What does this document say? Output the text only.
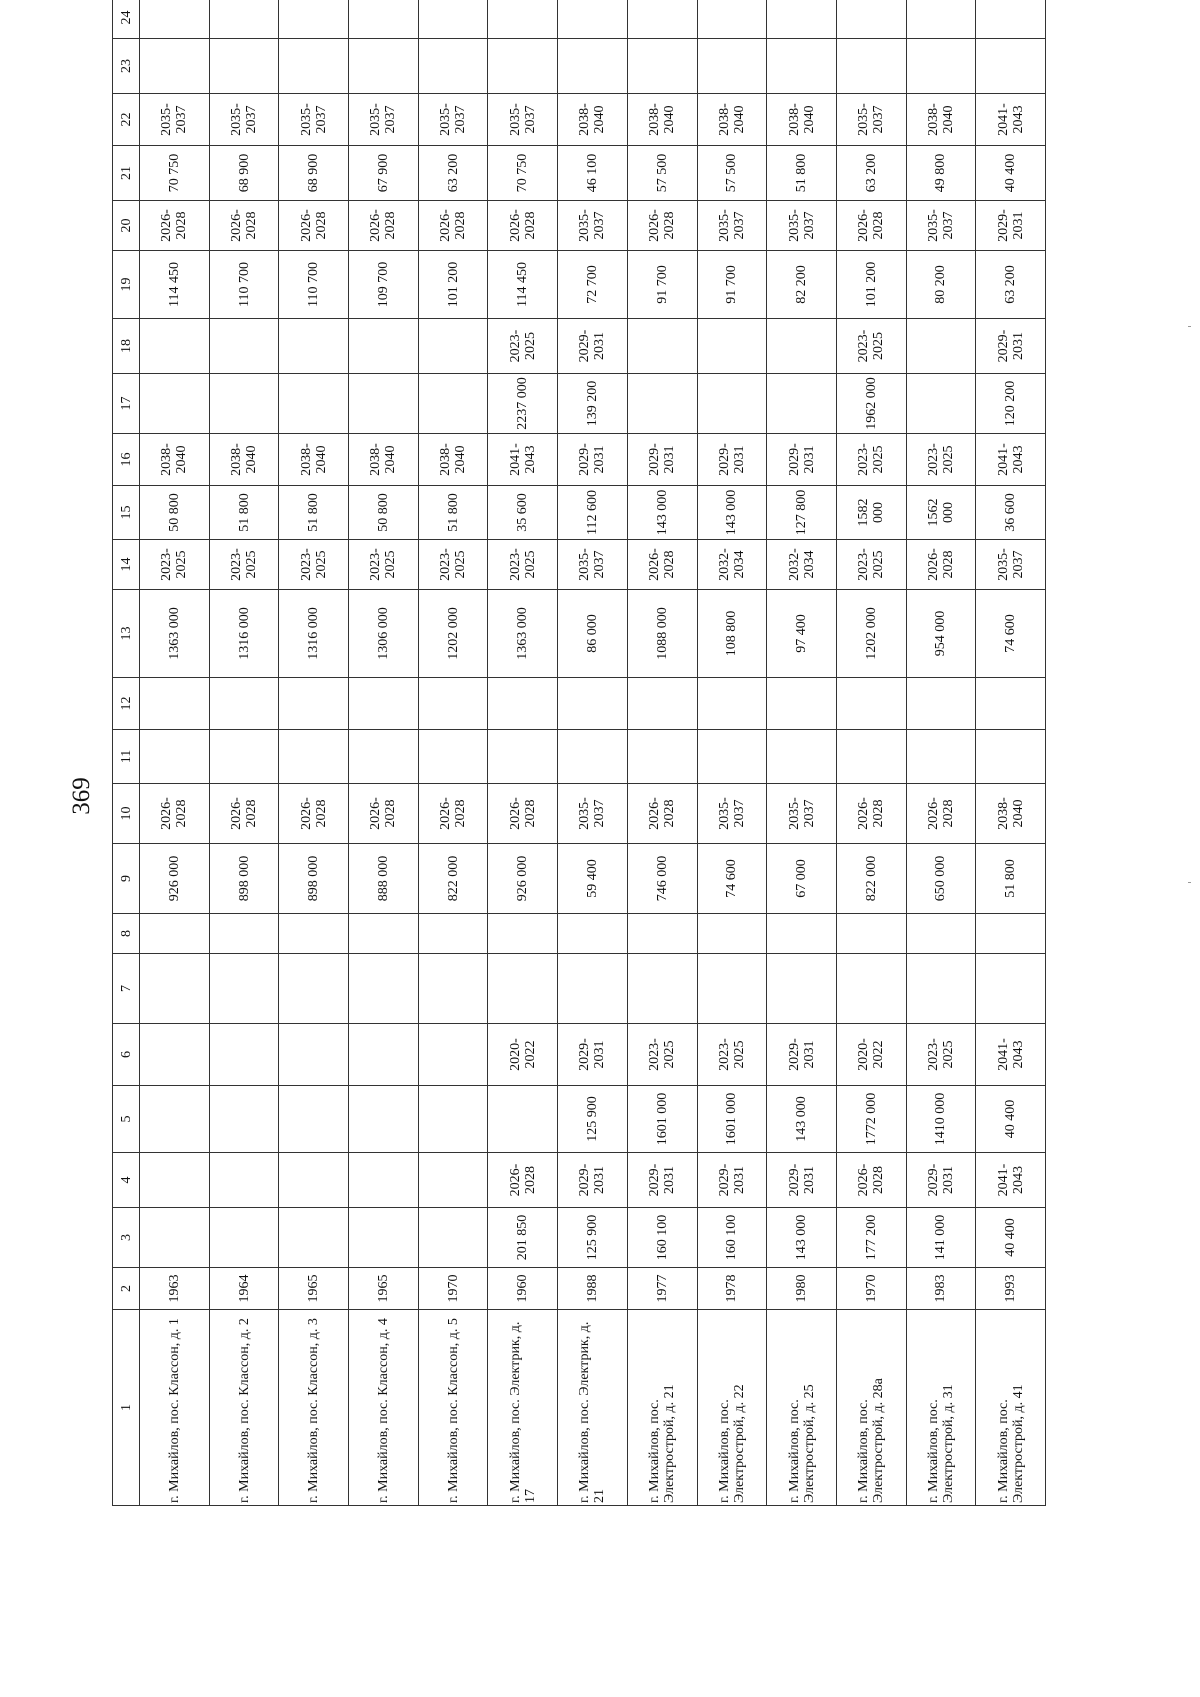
369
1	2	3	4	5	6	7	8	9	10	11	12	13	14	15	16	17	18	19	20	21	22	23	24
г. Михайлов, пос. Классон, д. 1	1963							926 000	2026-2028			1363 000	2023-2025	50 800	2038-2040			114 450	2026-2028	70 750	2035-2037		
г. Михайлов, пос. Классон, д. 2	1964							898 000	2026-2028			1316 000	2023-2025	51 800	2038-2040			110 700	2026-2028	68 900	2035-2037		
г. Михайлов, пос. Классон, д. 3	1965							898 000	2026-2028			1316 000	2023-2025	51 800	2038-2040			110 700	2026-2028	68 900	2035-2037		
г. Михайлов, пос. Классон, д. 4	1965							888 000	2026-2028			1306 000	2023-2025	50 800	2038-2040			109 700	2026-2028	67 900	2035-2037		
г. Михайлов, пос. Классон, д. 5	1970							822 000	2026-2028			1202 000	2023-2025	51 800	2038-2040			101 200	2026-2028	63 200	2035-2037		
г. Михайлов, пос. Электрик, д. 17	1960	201 850	2026-2028		2020-2022			926 000	2026-2028			1363 000	2023-2025	35 600	2041-2043	2237 000	2023-2025	114 450	2026-2028	70 750	2035-2037		
г. Михайлов, пос. Электрик, д. 21	1988	125 900	2029-2031	125 900	2029-2031			59 400	2035-2037			86 000	2035-2037	112 600	2029-2031	139 200	2029-2031	72 700	2035-2037	46 100	2038-2040		
г. Михайлов, пос. Электрострой, д. 21	1977	160 100	2029-2031	1601 000	2023-2025			746 000	2026-2028			1088 000	2026-2028	143 000	2029-2031			91 700	2026-2028	57 500	2038-2040		
г. Михайлов, пос. Электрострой, д. 22	1978	160 100	2029-2031	1601 000	2023-2025			74 600	2035-2037			108 800	2032-2034	143 000	2029-2031			91 700	2035-2037	57 500	2038-2040		
г. Михайлов, пос. Электрострой, д. 25	1980	143 000	2029-2031	143 000	2029-2031			67 000	2035-2037			97 400	2032-2034	127 800	2029-2031			82 200	2035-2037	51 800	2038-2040		
г. Михайлов, пос. Электрострой, д. 28а	1970	177 200	2026-2028	1772 000	2020-2022			822 000	2026-2028			1202 000	2023-2025	1582 000	2023-2025	1962 000	2023-2025	101 200	2026-2028	63 200	2035-2037		
г. Михайлов, пос. Электрострой, д. 31	1983	141 000	2029-2031	1410 000	2023-2025			650 000	2026-2028			954 000	2026-2028	1562 000	2023-2025			80 200	2035-2037	49 800	2038-2040		
г. Михайлов, пос. Электрострой, д. 41	1993	40 400	2041-2043	40 400	2041-2043			51 800	2038-2040			74 600	2035-2037	36 600	2041-2043	120 200	2029-2031	63 200	2029-2031	40 400	2041-2043		
